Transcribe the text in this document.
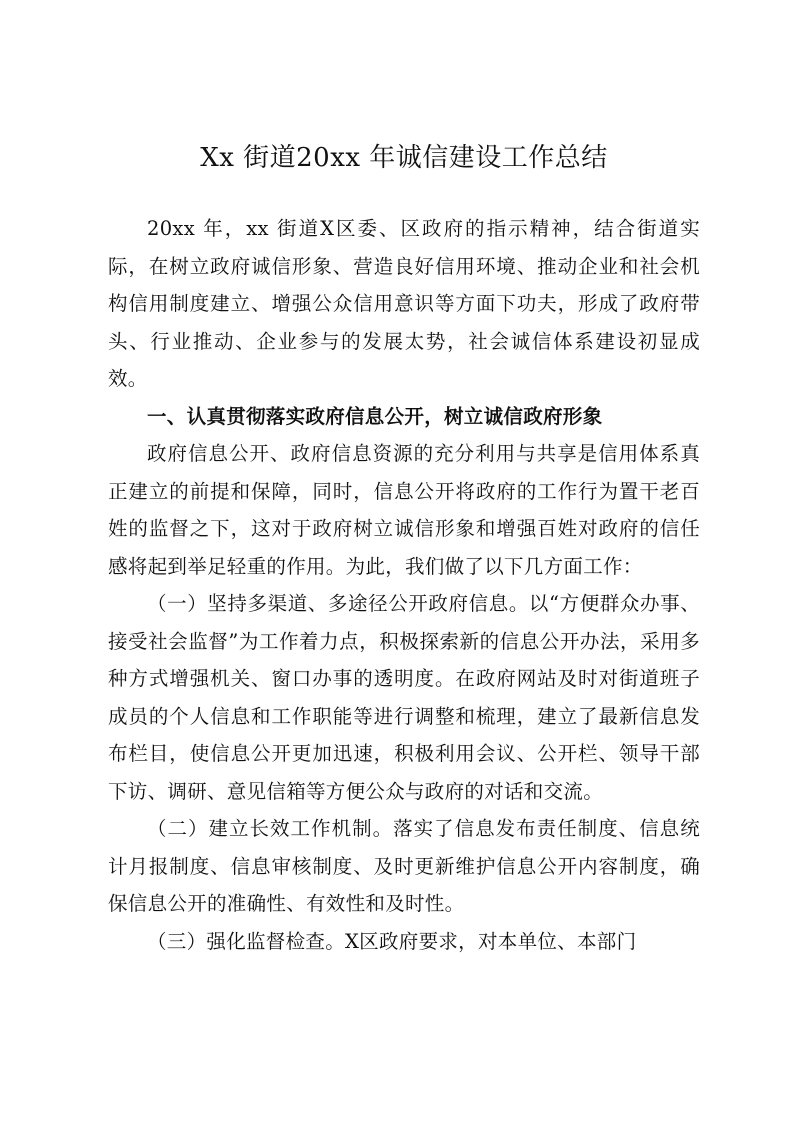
Xx 街道20xx 年诚信建设工作总结

20xx 年，xx 街道X区委、区政府的指示精神，结合街道实际，在树立政府诚信形象、营造良好信用环境、推动企业和社会机构信用制度建立、增强公众信用意识等方面下功夫，形成了政府带头、行业推动、企业参与的发展太势，社会诚信体系建设初显成效。

一、认真贯彻落实政府信息公开，树立诚信政府形象

政府信息公开、政府信息资源的充分利用与共享是信用体系真正建立的前提和保障，同时，信息公开将政府的工作行为置干老百姓的监督之下，这对于政府树立诚信形象和增强百姓对政府的信任感将起到举足轻重的作用。为此，我们做了以下几方面工作：

（一）坚持多渠道、多途径公开政府信息。以“方便群众办事、接受社会监督”为工作着力点，积极探索新的信息公开办法，采用多种方式增强机关、窗口办事的透明度。在政府网站及时对街道班子成员的个人信息和工作职能等进行调整和梳理，建立了最新信息发布栏目，使信息公开更加迅速，积极利用会议、公开栏、领导干部下访、调研、意见信箱等方便公众与政府的对话和交流。

（二）建立长效工作机制。落实了信息发布责任制度、信息统计月报制度、信息审核制度、及时更新维护信息公开内容制度，确保信息公开的准确性、有效性和及时性。

（三）强化监督检查。X区政府要求，对本单位、本部门
